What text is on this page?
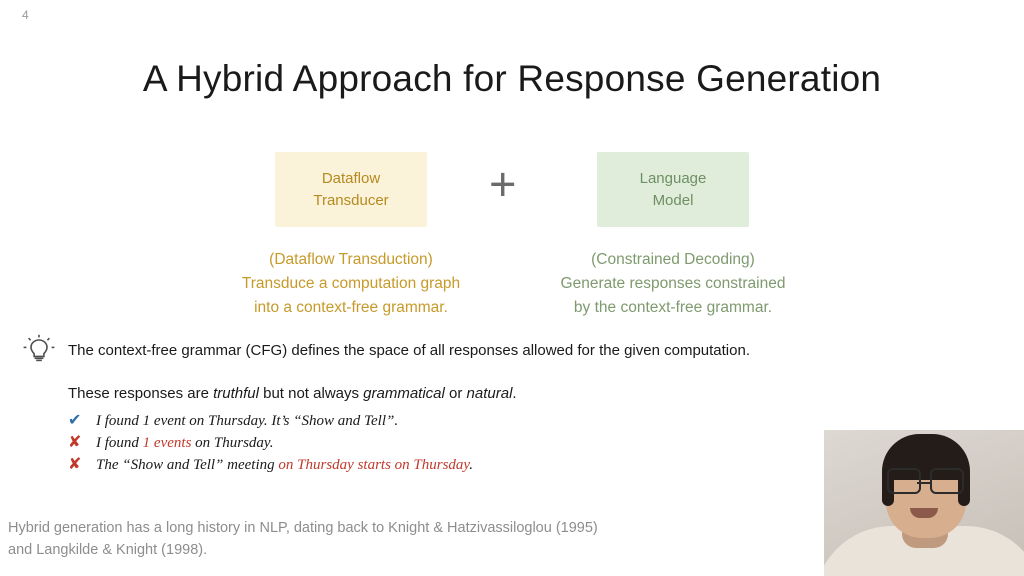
4
A Hybrid Approach for Response Generation
Dataflow
Transducer
Language
Model
+
(Dataflow Transduction)
Transduce a computation graph
into a context-free grammar.
(Constrained Decoding)
Generate responses constrained
by the context-free grammar.
The context-free grammar (CFG) defines the space of all responses allowed for the given computation.
These responses are truthful but not always grammatical or natural.
✔ I found 1 event on Thursday. It’s “Show and Tell”.
✘ I found 1 events on Thursday.
✘ The “Show and Tell” meeting on Thursday starts on Thursday.
Hybrid generation has a long history in NLP, dating back to Knight & Hatzivassiloglou (1995)
and Langkilde & Knight (1998).
